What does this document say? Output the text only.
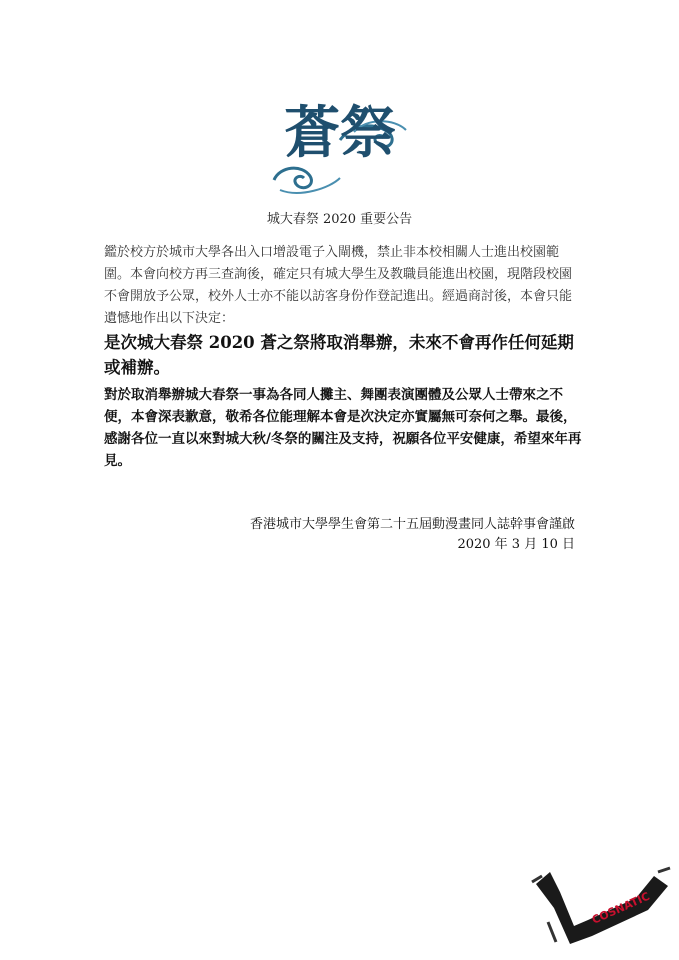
蒼祭
城大春祭 2020 重要公告

鑑於校方於城市大學各出入口增設電子入閘機，禁止非本校相關人士進出校園範圍。本會向校方再三查詢後，確定只有城大學生及教職員能進出校園，現階段校園不會開放予公眾，校外人士亦不能以訪客身份作登記進出。經過商討後，本會只能遺憾地作出以下決定：

是次城大春祭 2020 蒼之祭將取消舉辦，未來不會再作任何延期或補辦。

對於取消舉辦城大春祭一事為各同人攤主、舞團表演團體及公眾人士帶來之不便，本會深表歉意，敬希各位能理解本會是次決定亦實屬無可奈何之舉。最後，感謝各位一直以來對城大秋/冬祭的關注及支持，祝願各位平安健康，希望來年再見。

香港城市大學學生會第二十五屆動漫畫同人誌幹事會謹啟
2020 年 3 月 10 日
COSNATIC
